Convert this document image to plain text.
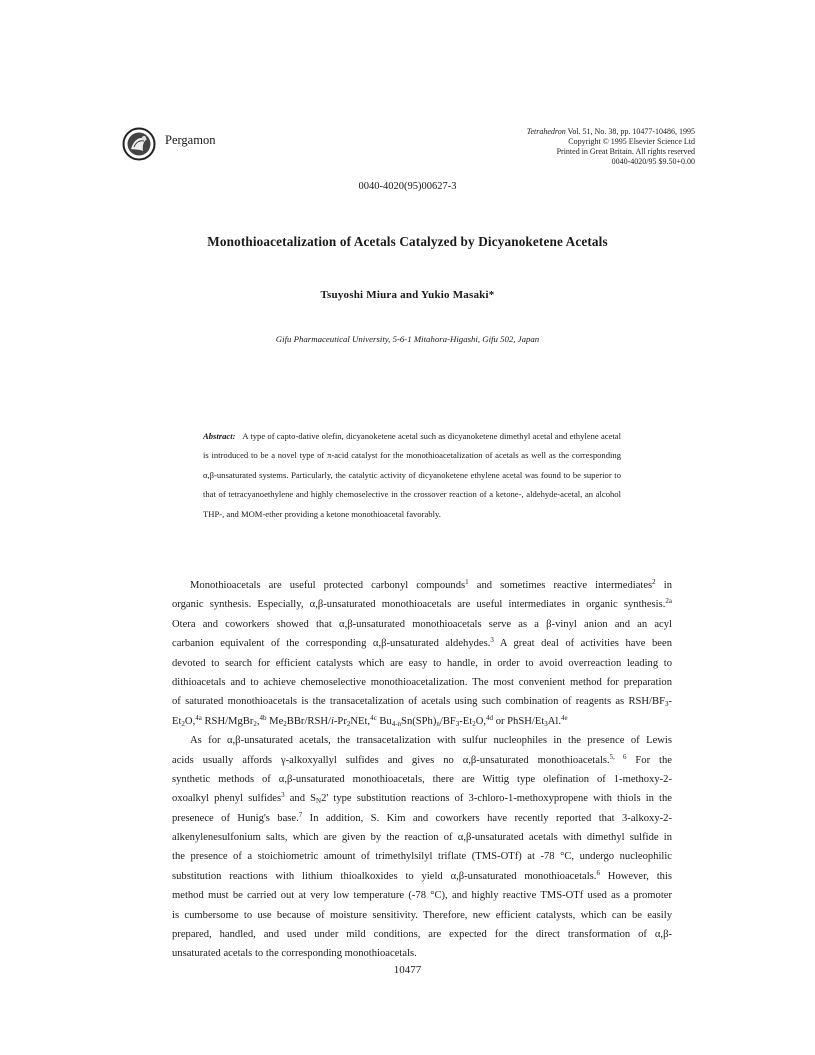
Pergamon
Tetrahedron Vol. 51, No. 38, pp. 10477-10486, 1995
Copyright © 1995 Elsevier Science Ltd
Printed in Great Britain. All rights reserved
0040-4020/95 $9.50+0.00
0040-4020(95)00627-3
Monothioacetalization of Acetals Catalyzed by Dicyanoketene Acetals
Tsuyoshi Miura and Yukio Masaki*
Gifu Pharmaceutical University, 5-6-1 Mitahora-Higashi, Gifu 502, Japan
Abstract: A type of capto-dative olefin, dicyanoketene acetal such as dicyanoketene dimethyl acetal and ethylene acetal is introduced to be a novel type of π-acid catalyst for the monothioacetalization of acetals as well as the corresponding α,β-unsaturated systems. Particularly, the catalytic activity of dicyanoketene ethylene acetal was found to be superior to that of tetracyanoethylene and highly chemoselective in the crossover reaction of a ketone-, aldehyde-acetal, an alcohol THP-, and MOM-ether providing a ketone monothioacetal favorably.
Monothioacetals are useful protected carbonyl compounds$^1$ and sometimes reactive intermediates$^2$ in
organic synthesis. Especially, α,β-unsaturated monothioacetals are useful intermediates in organic synthesis.$^{2a}$
Otera and coworkers showed that α,β-unsaturated monothioacetals serve as a β-vinyl anion and an acyl
carbanion equivalent of the corresponding α,β-unsaturated aldehydes.$^3$ A great deal of activities have been
devoted to search for efficient catalysts which are easy to handle, in order to avoid overreaction leading to
dithioacetals and to achieve chemoselective monothioacetalization. The most convenient method for preparation
of saturated monothioacetals is the transacetalization of acetals using such combination of reagents as RSH/$BF_3-$
$Et_2O,^{4a}$ RSH/MgBr$_2$,$^{4b}$ $Me_2BBr/RSH/i-Pr_2NEt,^{4c}$ $Bu_{4-n}Sn(SPh)_n/BF_3-Et_2O,^{4d}$ or PhSH/$Et_3Al.^{4e}$
As for α,β-unsaturated acetals, the transacetalization with sulfur nucleophiles in the presence of Lewis
acids usually affords γ-alkoxyallyl sulfides and gives no α,β-unsaturated monothioacetals.$^{5, 6}$ For the
synthetic methods of α,β-unsaturated monothioacetals, there are Wittig type olefination of 1-methoxy-2-
oxoalkyl phenyl sulfides$^3$ and $S_N2'$ type substitution reactions of 3-chloro-1-methoxypropene with thiols in the
presenece of Hunig's base.$^7$ In addition, S. Kim and coworkers have recently reported that 3-alkoxy-2-
alkenylenesulfonium salts, which are given by the reaction of α,β-unsaturated acetals with dimethyl sulfide in
the presence of a stoichiometric amount of trimethylsilyl triflate (TMS-OTf) at -78 °C, undergo nucleophilic
substitution reactions with lithium thioalkoxides to yield α,β-unsaturated monothioacetals.$^6$ However, this
method must be carried out at very low temperature (-78 °C), and highly reactive TMS-OTf used as a promoter
is cumbersome to use because of moisture sensitivity. Therefore, new efficient catalysts, which can be easily
prepared, handled, and used under mild conditions, are expected for the direct transformation of α,β-
unsaturated acetals to the corresponding monothioacetals.
10477
